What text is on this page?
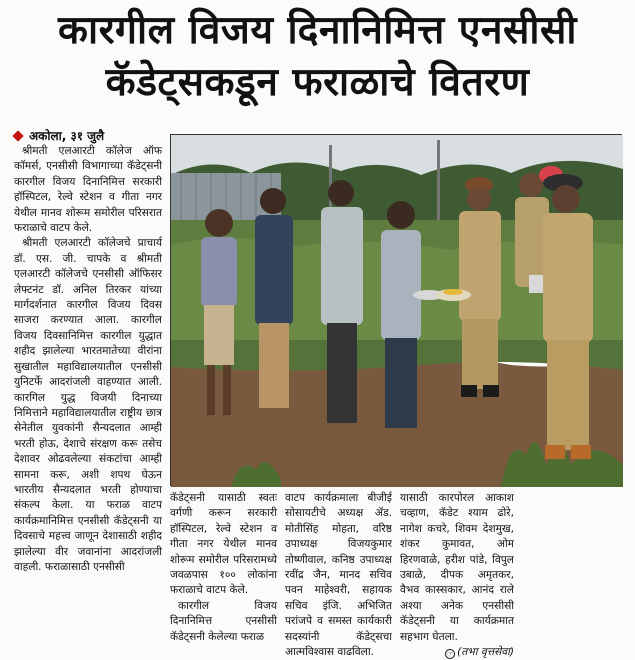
कारगील विजय दिनानिमित्त एनसीसी
कॅडेट्सकडून फराळाचे वितरण
अकोला, ३१ जुलै

श्रीमती एलआरटी कॉलेज ऑफ कॉमर्स, एनसीसी विभागाच्या कॅडेट्सनी कारगील विजय दिनानिमित्त सरकारी हॉस्पिटल, रेल्वे स्टेशन व गीता नगर येथील मानव शोरूम समोरील परिसरात फराळाचे वाटप केले.

श्रीमती एलआरटी कॉलेजचे प्राचार्य डॉ. एस. जी. चापके व श्रीमती एलआरटी कॉलेजचे एनसीसी ऑफिसर लेफ्टनंट डॉ. अनिल तिरकर यांच्या मार्गदर्शनात कारगील विजय दिवस साजरा करण्यात आला. कारगील विजय दिवसानिमित्त कारगील युद्धात शहीद झालेल्या भारतमातेच्या वीरांना सुखातील महाविद्यालयातील एनसीसी युनिटर्फे आदरांजली वाहण्यात आली. कारगिल युद्ध विजयी दिनाच्या निमित्ताने महाविद्यालयातील राष्ट्रीय छात्र सेनेतील युवकांनी सैन्यदलात आम्ही भरती होऊ, देशाचे संरक्षण करू तसेच देशावर ओढवलेल्या संकटांचा आम्ही सामना करू, अशी शपथ घेऊन भारतीय सैन्यदलात भरती होण्याचा संकल्प केला. या फराळ वाटप कार्यक्रमानिमित्त एनसीसी कॅडेट्सनी या दिवसाचे महत्त्व जाणून देशासाठी शहीद झालेल्या वीर जवानांना आदरांजली वाहली. फराळासाठी एनसीसी

कॅडेट्सनी यासाठी स्वतः वर्गणी करून सरकारी हॉस्पिटल, रेल्वे स्टेशन व गीता नगर येथील मानव शोरूम समोरील परिसरामध्ये जवळपास १०० लोकांना फराळाचे वाटप केले.

कारगील विजय दिनानिमित्त एनसीसी कॅडेट्सनी केलेल्या फराळ

वाटप कार्यक्रमाला बीजीई सोसायटीचे अध्यक्ष ॲड. मोतीसिंह मोहता, वरिष्ठ उपाध्यक्ष विजयकुमार तोष्णीवाल, कनिष्ठ उपाध्यक्ष रवींद्र जैन, मानद सचिव पवन माहेश्वरी, सहायक सचिव इंजि. अभिजित परांजपे व समस्त कार्यकारी सदस्यांनी कॅडेट्सचा आत्मविश्वास वाढविला.

यासाठी कारपोरल आकाश चव्हाण, कॅडेट श्याम ढोरे, नागेश कचरे, शिवम देशमुख, शंकर कुमावत, ओम हिरणवाळे, हरीश पांडे, विपुल उबाळे, दीपक अमृतकर, वैभव कास्सकार, आनंद राले अश्या अनेक एनसीसी कॅडेट्सनी या कार्यक्रमात सहभाग घेतला.

☞ (तभा वृत्तसेवा)
